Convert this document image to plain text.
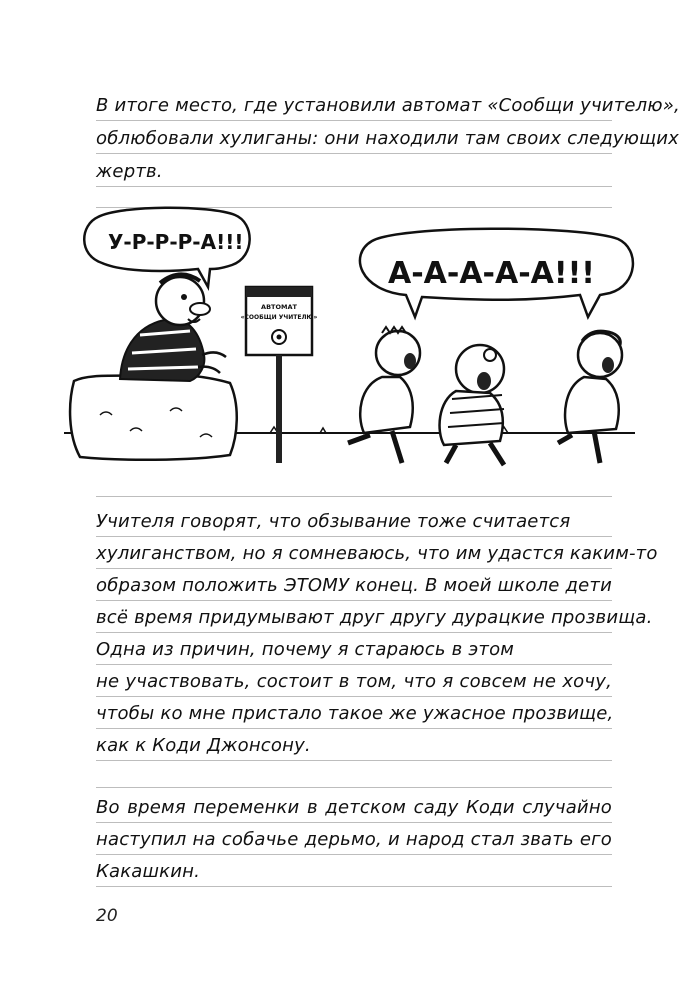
В итоге место, где установили автомат «Сообщи учителю»,
облюбовали хулиганы: они находили там своих следующих
жертв.
У-Р-Р-Р-А!!!
А-А-А-А-А!!!
АВТОМАТ
«СООБЩИ УЧИТЕЛЮ»
Учителя говорят, что обзывание тоже считается
хулиганством, но я сомневаюсь, что им удастся каким-то
образом положить ЭТОМУ конец. В моей школе дети
всё время придумывают друг другу дурацкие прозвища.
Одна из причин, почему я стараюсь в этом
не участвовать, состоит в том, что я совсем не хочу,
чтобы ко мне пристало такое же ужасное прозвище,
как к Коди Джонсону.
Во время переменки в детском саду Коди случайно
наступил на собачье дерьмо, и народ стал звать его
Какашкин.
20
